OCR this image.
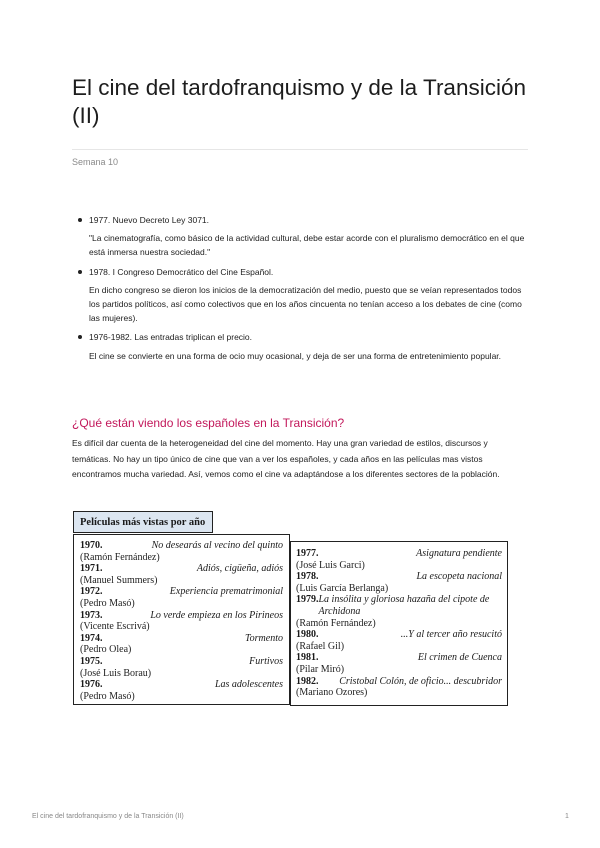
El cine del tardofranquismo y de la Transición (II)
Semana 10
1977. Nuevo Decreto Ley 3071.

"La cinematografía, como básico de la actividad cultural, debe estar acorde con el pluralismo democrático en el que está inmersa nuestra sociedad."

1978. I Congreso Democrático del Cine Español.

En dicho congreso se dieron los inicios de la democratización del medio, puesto que se veían representados todos los partidos políticos, así como colectivos que en los años cincuenta no tenían acceso a los debates de cine (como las mujeres).

1976-1982. Las entradas triplican el precio.

El cine se convierte en una forma de ocio muy ocasional, y deja de ser una forma de entretenimiento popular.

¿Qué están viendo los españoles en la Transición?

Es difícil dar cuenta de la heterogeneidad del cine del momento. Hay una gran variedad de estilos, discursos y temáticas. No hay un tipo único de cine que van a ver los españoles, y cada años en las películas mas vistos encontramos mucha variedad. Así, vemos como el cine va adaptándose a los diferentes sectores de la población.

Películas más vistas por año
1970.	No desearás al vecino del quinto
(Ramón Fernández)
1971.	Adiós, cigüeña, adiós
(Manuel Summers)
1972.	Experiencia prematrimonial
(Pedro Masó)
1973.	Lo verde empieza en los Pirineos
(Vicente Escrivá)
1974.	Tormento
(Pedro Olea)
1975.	Furtivos
(José Luis Borau)
1976.	Las adolescentes
(Pedro Masó)
1977.	Asignatura pendiente
(José Luis Garci)
1978.	La escopeta nacional
(Luis García Berlanga)
1979. La insólita y gloriosa hazaña del cipote de Archidona
(Ramón Fernández)
1980.	...Y al tercer año resucitó
(Rafael Gil)
1981.	El crimen de Cuenca
(Pilar Miró)
1982. Cristobal Colón, de oficio... descubridor
(Mariano Ozores)
El cine del tardofranquismo y de la Transición (II)	1
